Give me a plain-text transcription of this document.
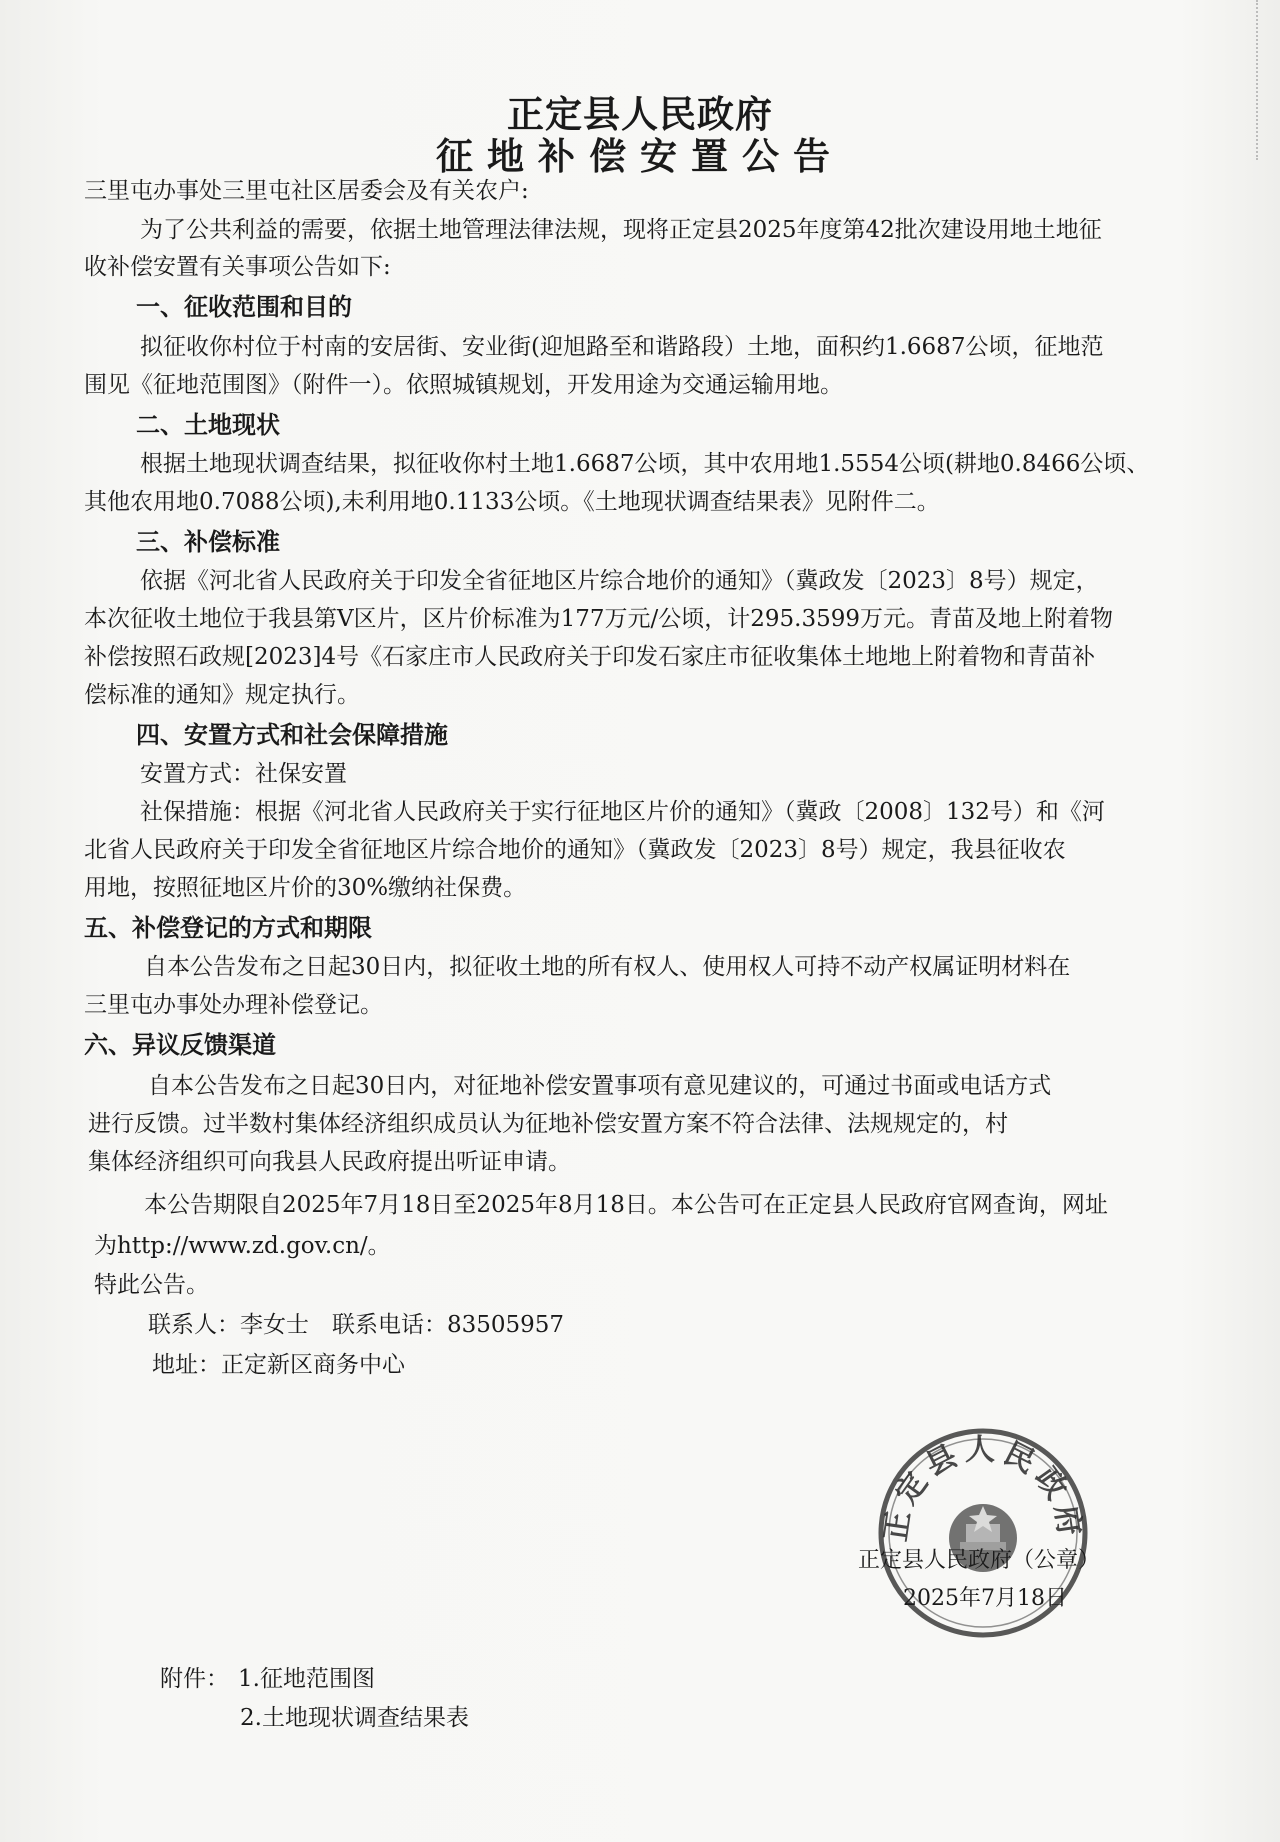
正定县人民政府
征地补偿安置公告
三里屯办事处三里屯社区居委会及有关农户:
为了公共利益的需要，依据土地管理法律法规，现将正定县2025年度第42批次建设用地土地征
收补偿安置有关事项公告如下:
一、征收范围和目的
拟征收你村位于村南的安居街、安业街(迎旭路至和谐路段）土地，面积约1.6687公顷，征地范
围见《征地范围图》（附件一）。依照城镇规划，开发用途为交通运输用地。
二、土地现状
根据土地现状调查结果，拟征收你村土地1.6687公顷，其中农用地1.5554公顷(耕地0.8466公顷、
其他农用地0.7088公顷),未利用地0.1133公顷。《土地现状调查结果表》见附件二。
三、补偿标准
依据《河北省人民政府关于印发全省征地区片综合地价的通知》（冀政发〔2023〕8号）规定，
本次征收土地位于我县第Ⅴ区片，区片价标准为177万元/公顷，计295.3599万元。青苗及地上附着物
补偿按照石政规[2023]4号《石家庄市人民政府关于印发石家庄市征收集体土地地上附着物和青苗补
偿标准的通知》规定执行。
四、安置方式和社会保障措施
安置方式：社保安置
社保措施：根据《河北省人民政府关于实行征地区片价的通知》（冀政〔2008〕132号）和《河
北省人民政府关于印发全省征地区片综合地价的通知》（冀政发〔2023〕8号）规定，我县征收农
用地，按照征地区片价的30%缴纳社保费。
五、补偿登记的方式和期限
自本公告发布之日起30日内，拟征收土地的所有权人、使用权人可持不动产权属证明材料在
三里屯办事处办理补偿登记。
六、异议反馈渠道
自本公告发布之日起30日内，对征地补偿安置事项有意见建议的，可通过书面或电话方式
进行反馈。过半数村集体经济组织成员认为征地补偿安置方案不符合法律、法规规定的，村
集体经济组织可向我县人民政府提出听证申请。
本公告期限自2025年7月18日至2025年8月18日。本公告可在正定县人民政府官网查询，网址
为http://www.zd.gov.cn/。
特此公告。
联系人：李女士　联系电话：83505957
地址：正定新区商务中心
正定县人民政府
正定县人民政府（公章）
2025年7月18日
附件： 1.征地范围图
2.土地现状调查结果表
